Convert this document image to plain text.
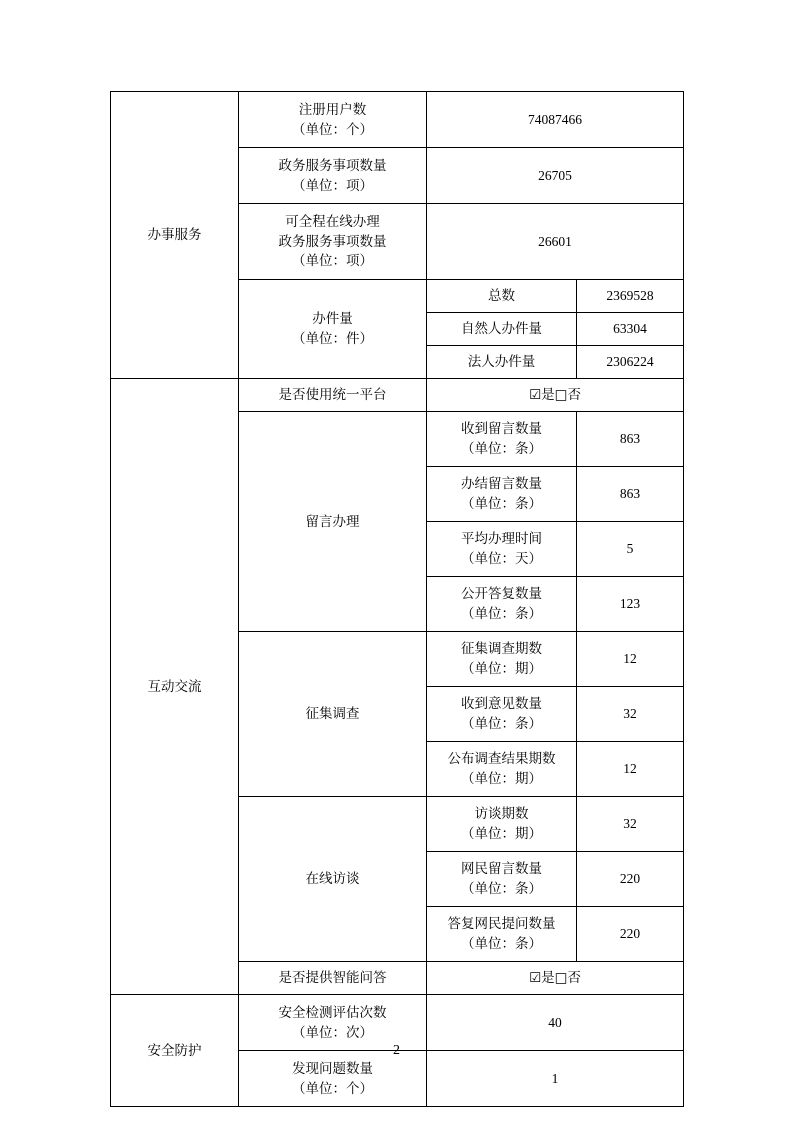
办事服务	注册用户数
（单位：个）	74087466	

	政务服务事项数量
（单位：项）	26705	

	可全程在线办理
政务服务事项数量
（单位：项）	26601	

	办件量
（单位：件）	总数	2369528
		自然人办件量	63304
		法人办件量	2306224

互动交流	是否使用统一平台	☑是□否	

	留言办理	收到留言数量
（单位：条）	863

		办结留言数量
（单位：条）	863

		平均办理时间
（单位：天）	5

		公开答复数量
（单位：条）	123

	征集调查	征集调查期数
（单位：期）	12

		收到意见数量
（单位：条）	32

		公布调查结果期数
（单位：期）	12

	在线访谈	访谈期数
（单位：期）	32

		网民留言数量
（单位：条）	220

		答复网民提问数量
（单位：条）	220
	是否提供智能问答	☑是□否	

安全防护	安全检测评估次数
（单位：次）	40	

	发现问题数量
（单位：个）	1	
2
